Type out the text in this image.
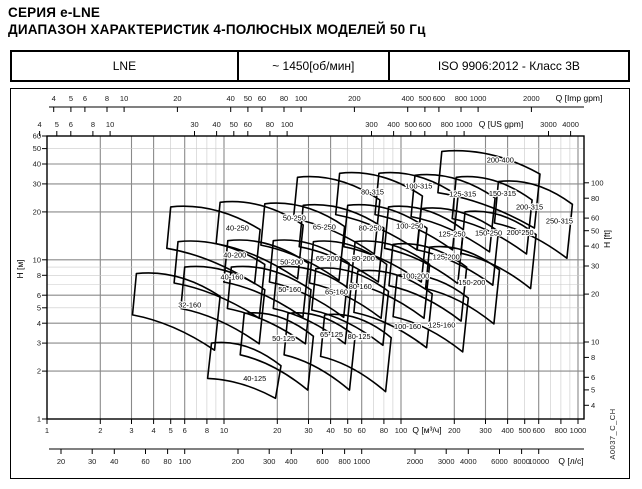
СЕРИЯ e-LNE
ДИАПАЗОН ХАРАКТЕРИСТИК 4-ПОЛЮСНЫХ МОДЕЛЕЙ 50 Гц
LNE	~ 1450[об/мин]	ISO 9906:2012 - Класс 3B
32-160
40-125
40-160
40-200
40-250
50-125
50-160
50-200
50-250
65-125
65-160
65-200
65-250
80-125
80-160
80-200
80-250
80-315
100-160
100-200
100-250
100-315
125-160
125-200
125-250
125-315
150-200
150-250
150-315
200-250
200-315
250-315
200-400
4 5 6 8 10	20	40 50 60 80 100	200	400 500 600 800 1000	2000 Q [Imp gpm]
4 5 6 8 10	30 40 50 60 80 100	300 400 500 600 800 1000	3000 4000
Q [US gpm]
1	2	3 4 5 6 8 10	20	30 40 50 60 80 100	200 300 400 500 600 800 1000
Q [м³/ч]
20	30 40	60 80 100	200 300 400 600 800 1000	2000 3000 4000 6000 8000
10000 Q [л/с]
1
2
3
4
5
6
8
10
20
30
40
50
60
H [м]
4
5
6
8
10
20
30
40
50
60
80
100
H [ft]
A0037_C_CH
